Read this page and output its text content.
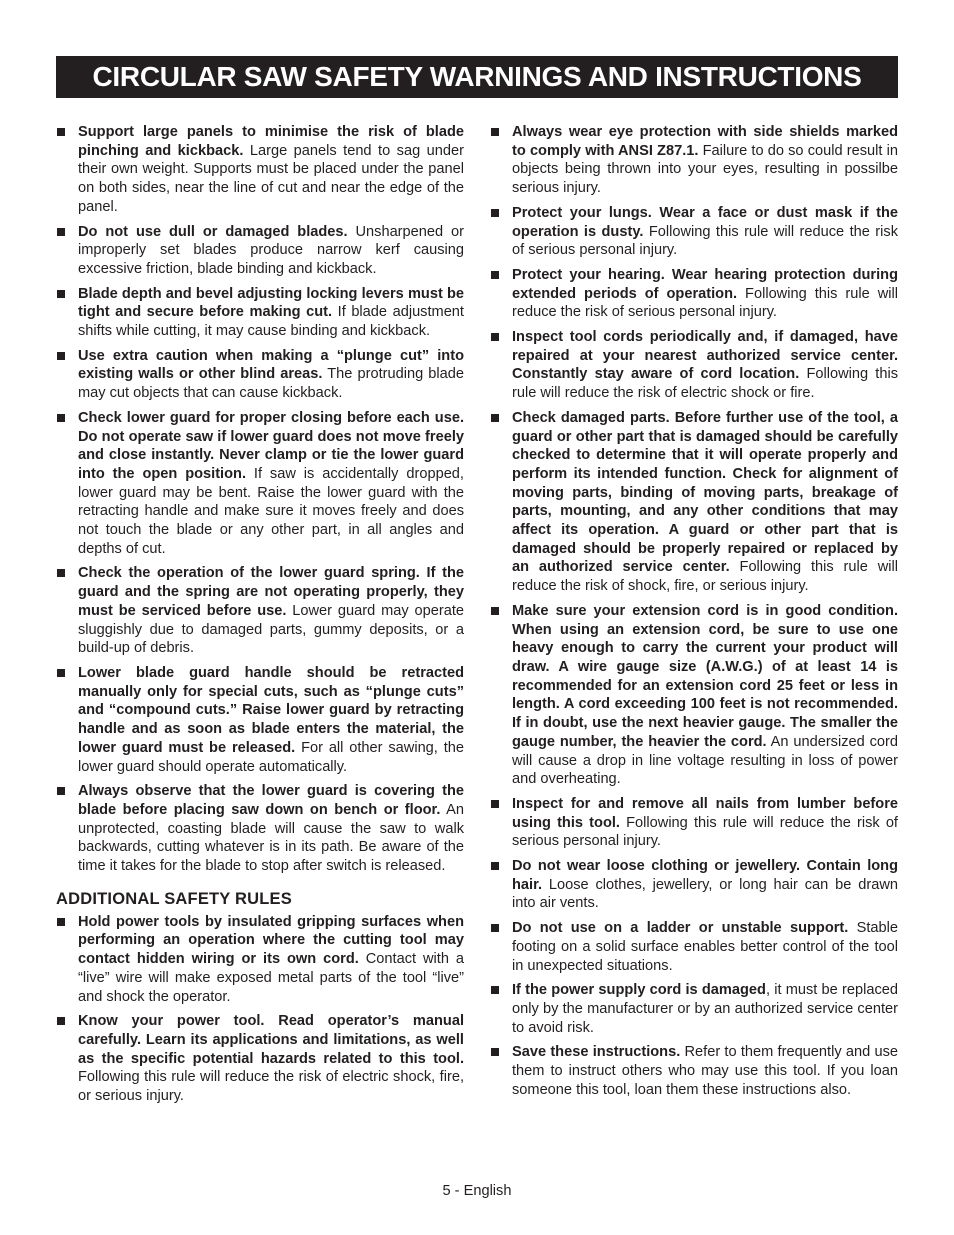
CIRCULAR SAW SAFETY WARNINGS AND INSTRUCTIONS
Support large panels to minimise the risk of blade pinching and kickback. Large panels tend to sag under their own weight. Supports must be placed under the panel on both sides, near the line of cut and near the edge of the panel.
Do not use dull or damaged blades. Unsharpened or improperly set blades produce narrow kerf causing excessive friction, blade binding and kickback.
Blade depth and bevel adjusting locking levers must be tight and secure before making cut. If blade adjustment shifts while cutting, it may cause binding and kickback.
Use extra caution when making a “plunge cut” into existing walls or other blind areas. The protruding blade may cut objects that can cause kickback.
Check lower guard for proper closing before each use. Do not operate saw if lower guard does not move freely and close instantly. Never clamp or tie the lower guard into the open position. If saw is accidentally dropped, lower guard may be bent. Raise the lower guard with the retracting handle and make sure it moves freely and does not touch the blade or any other part, in all angles and depths of cut.
Check the operation of the lower guard spring. If the guard and the spring are not operating properly, they must be serviced before use. Lower guard may operate sluggishly due to damaged parts, gummy deposits, or a build-up of debris.
Lower blade guard handle should be retracted manually only for special cuts, such as “plunge cuts” and “compound cuts.” Raise lower guard by retracting handle and as soon as blade enters the material, the lower guard must be released. For all other sawing, the lower guard should operate automatically.
Always observe that the lower guard is covering the blade before placing saw down on bench or floor. An unprotected, coasting blade will cause the saw to walk backwards, cutting whatever is in its path. Be aware of the time it takes for the blade to stop after switch is released.
ADDITIONAL SAFETY RULES
Hold power tools by insulated gripping surfaces when performing an operation where the cutting tool may contact hidden wiring or its own cord. Contact with a “live” wire will make exposed metal parts of the tool “live” and shock the operator.
Know your power tool. Read operator’s manual carefully. Learn its applications and limitations, as well as the specific potential hazards related to this tool. Following this rule will reduce the risk of electric shock, fire, or serious injury.
Always wear eye protection with side shields marked to comply with ANSI Z87.1. Failure to do so could result in objects being thrown into your eyes, resulting in possilbe serious injury.
Protect your lungs. Wear a face or dust mask if the operation is dusty. Following this rule will reduce the risk of serious personal injury.
Protect your hearing. Wear hearing protection during extended periods of operation. Following this rule will reduce the risk of serious personal injury.
Inspect tool cords periodically and, if damaged, have repaired at your nearest authorized service center. Constantly stay aware of cord location. Following this rule will reduce the risk of electric shock or fire.
Check damaged parts. Before further use of the tool, a guard or other part that is damaged should be carefully checked to determine that it will operate properly and perform its intended function. Check for alignment of moving parts, binding of moving parts, breakage of parts, mounting, and any other conditions that may affect its operation. A guard or other part that is damaged should be properly repaired or replaced by an authorized service center. Following this rule will reduce the risk of shock, fire, or serious injury.
Make sure your extension cord is in good condition. When using an extension cord, be sure to use one heavy enough to carry the current your product will draw. A wire gauge size (A.W.G.) of at least 14 is recommended for an extension cord 25 feet or less in length. A cord exceeding 100 feet is not recommended. If in doubt, use the next heavier gauge. The smaller the gauge number, the heavier the cord. An undersized cord will cause a drop in line voltage resulting in loss of power and overheating.
Inspect for and remove all nails from lumber before using this tool. Following this rule will reduce the risk of serious personal injury.
Do not wear loose clothing or jewellery. Contain long hair. Loose clothes, jewellery, or long hair can be drawn into air vents.
Do not use on a ladder or unstable support. Stable footing on a solid surface enables better control of the tool in unexpected situations.
If the power supply cord is damaged, it must be replaced only by the manufacturer or by an authorized service center to avoid risk.
Save these instructions. Refer to them frequently and use them to instruct others who may use this tool. If you loan someone this tool, loan them these instructions also.
5 - English
